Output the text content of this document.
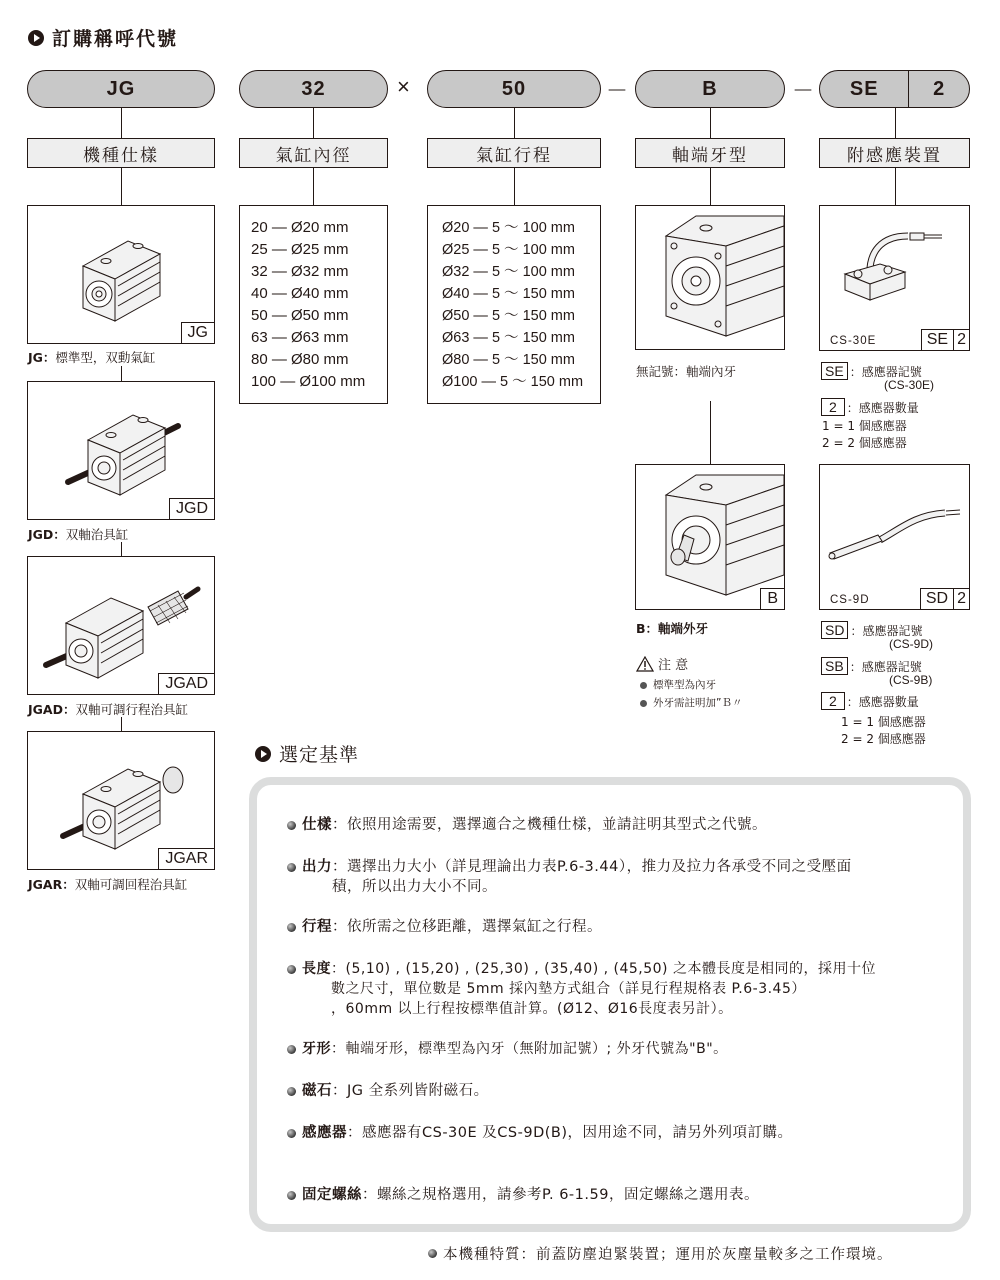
訂購稱呼代號
JG	32	×	50	－	B	－	SE	2
機種仕樣	氣缸內徑	氣缸行程	軸端牙型	附感應裝置
JG
JG：標準型，双動氣缸
JGD
JGD：双軸治具缸
JGAD
JGAD：双軸可調行程治具缸
JGAR
JGAR：双軸可調回程治具缸
20 — Ø20 mm
25 — Ø25 mm
32 — Ø32 mm
40 — Ø40 mm
50 — Ø50 mm
63 — Ø63 mm
80 — Ø80 mm
100 — Ø100 mm
Ø20 — 5 ～ 100 mm
Ø25 — 5 ～ 100 mm
Ø32 — 5 ～ 100 mm
Ø40 — 5 ～ 150 mm
Ø50 — 5 ～ 150 mm
Ø63 — 5 ～ 150 mm
Ø80 — 5 ～ 150 mm
Ø100 — 5 ～ 150 mm
無記號：軸端內牙
B
B：軸端外牙
注 意
標準型為內牙
外牙需註明加”Ｂ〃
CS-30E	SE 2
SE ：感應器記號
(CS-30E)
2 ：感應器數量
1 = 1 個感應器
2 = 2 個感應器
CS-9D	SD 2
SD ：感應器記號
(CS-9D)
SB ：感應器記號
(CS-9B)
2 ：感應器數量
1 = 1 個感應器
2 = 2 個感應器
選定基準
仕樣 ：依照用途需要，選擇適合之機種仕樣，並請註明其型式之代號。
出力 ：選擇出力大小（詳見理論出力表P.6-3.44），推力及拉力各承受不同之受壓面
積，所以出力大小不同。
行程 ：依所需之位移距離，選擇氣缸之行程。
長度 ：(5,10) , (15,20) , (25,30) , (35,40) , (45,50) 之本體長度是相同的，採用十位
數之尺寸，單位數是 5mm 採內墊方式組合（詳見行程規格表 P.6-3.45）
，60mm 以上行程按標準值計算。(Ø12、Ø16長度表另計）。
牙形 ：軸端牙形，標準型為內牙（無附加記號）; 外牙代號為"B"。
磁石 ：JG 全系列皆附磁石。
感應器 ：感應器有CS-30E 及CS-9D(B)，因用途不同，請另外列項訂購。
固定螺絲 ：螺絲之規格選用，請參考P. 6-1.59，固定螺絲之選用表。
本機種特質：前蓋防塵迫緊裝置；運用於灰塵量較多之工作環境。
